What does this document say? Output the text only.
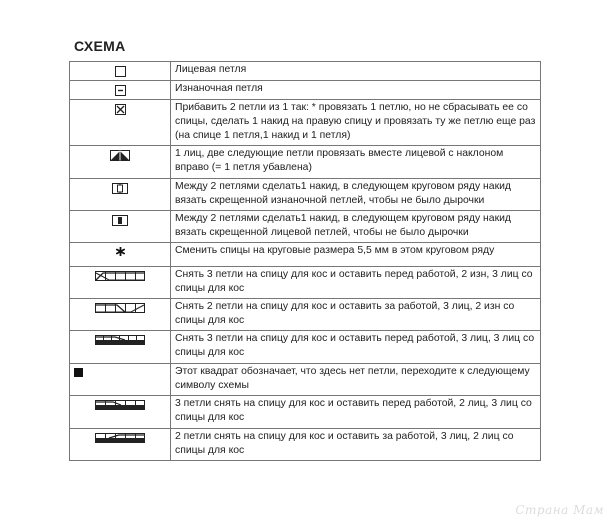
СХЕМА
	Лицевая петля

	Изнаночная петля

	Прибавить 2 петли из 1 так: * провязать 1 петлю, но не сбрасывать ее со спицы, сделать 1 накид на правую спицу и провязать ту же петлю еще раз (на спице 1 петля,1 накид и 1 петля)

	1 лиц, две следующие петли провязать вместе лицевой с наклоном вправо (= 1 петля убавлена)

	Между 2 петлями сделать1 накид, в следующем круговом ряду накид вязать скрещенной изнаночной петлей, чтобы не было дырочки

	Между 2 петлями сделать1 накид, в следующем круговом ряду накид вязать скрещенной лицевой петлей, чтобы не было дырочки

	Сменить спицы на круговые размера 5,5 мм в этом круговом ряду

	Снять 3 петли на спицу для кос и оставить перед работой, 2 изн, 3 лиц со спицы для кос

	Снять 2 петли на спицу для кос и оставить за работой, 3 лиц, 2 изн со спицы для кос

	Снять 3 петли на спицу для кос и оставить перед работой, 3 лиц, 3 лиц со спицы для кос

	Этот квадрат обозначает, что здесь нет петли, переходите к следующему символу схемы

	3 петли снять на спицу для кос и оставить перед работой, 2 лиц, 3 лиц со спицы для кос

	2 петли снять на спицу для кос и оставить за работой, 3 лиц, 2 лиц со спицы для кос
Страна Мам
